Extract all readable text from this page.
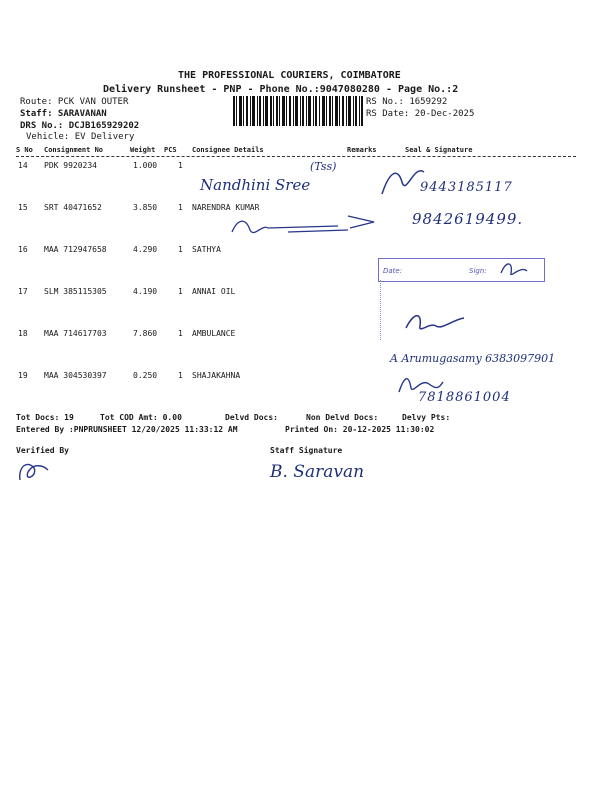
THE PROFESSIONAL COURIERS, COIMBATORE
Delivery Runsheet - PNP - Phone No.:9047080280 - Page No.:2
Route: PCK VAN OUTER
Staff: SARAVANAN
DRS No.: DCJB165929202
Vehicle: EV Delivery
RS No.: 1659292
RS Date: 20-Dec-2025
S No Consignment No	Weight PCS Consignee Details	Remarks	Seal & Signature
14 PDK 9920234	1.000	1
15 SRT 40471652	3.850	1 NARENDRA KUMAR
16 MAA 712947658	4.290	1 SATHYA
17 SLM 385115305	4.190	1 ANNAI OIL
18 MAA 714617703	7.860	1 AMBULANCE
19 MAA 304530397	0.250	1 SHAJAKAHNA
Nandhini Sree
(Tss)
9443185117
9842619499.
A Arumugasamy 6383097901
7818861004
Date:	Sign:
Tot Docs: 19	Tot COD Amt: 0.00	Delvd Docs:	Non Delvd Docs:	Delvy Pts:
Entered By :PNPRUNSHEET 12/20/2025 11:33:12 AM	Printed On: 20-12-2025 11:30:02
Verified By	Staff Signature
B. Saravan
